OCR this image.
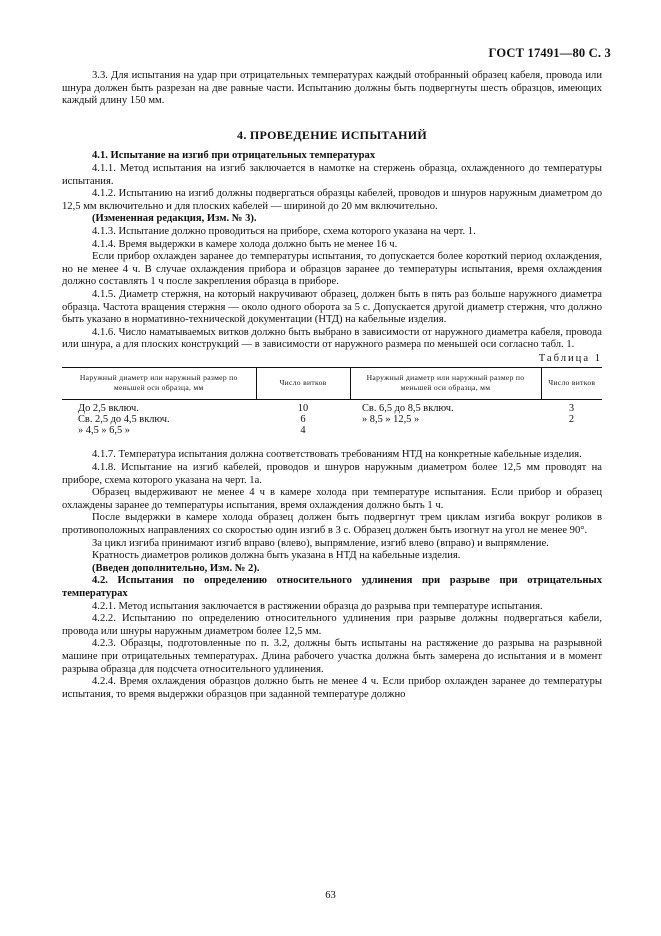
ГОСТ 17491—80 С. 3

3.3. Для испытания на удар при отрицательных температурах каждый отобранный образец кабеля, провода или шнура должен быть разрезан на две равные части. Испытанию должны быть подвергнуты шесть образцов, имеющих каждый длину 150 мм.

4. ПРОВЕДЕНИЕ ИСПЫТАНИЙ

4.1. Испытание на изгиб при отрицательных температурах

4.1.1. Метод испытания на изгиб заключается в намотке на стержень образца, охлажденного до температуры испытания.

4.1.2. Испытанию на изгиб должны подвергаться образцы кабелей, проводов и шнуров наружным диаметром до 12,5 мм включительно и для плоских кабелей — шириной до 20 мм включительно.

(Измененная редакция, Изм. № 3).

4.1.3. Испытание должно проводиться на приборе, схема которого указана на черт. 1.

4.1.4. Время выдержки в камере холода должно быть не менее 16 ч.

Если прибор охлажден заранее до температуры испытания, то допускается более короткий период охлаждения, но не менее 4 ч. В случае охлаждения прибора и образцов заранее до температуры испытания, время охлаждения должно составлять 1 ч после закрепления образца в приборе.

4.1.5. Диаметр стержня, на который накручивают образец, должен быть в пять раз больше наружного диаметра образца. Частота вращения стержня — около одного оборота за 5 с. Допускается другой диаметр стержня, что должно быть указано в нормативно-технической документации (НТД) на кабельные изделия.

4.1.6. Число наматываемых витков должно быть выбрано в зависимости от наружного диаметра кабеля, провода или шнура, а для плоских конструкций — в зависимости от наружного размера по меньшей оси согласно табл. 1.

Таблица 1

Наружный диаметр или наружный размер по меньшей оси образца, мм	Число витков	Наружный диаметр или наружный размер по меньшей оси образца, мм	Число витков
До 2,5 включ.	10	Св. 6,5 до 8,5 включ.	3
Св. 2,5 до 4,5 включ.	6	» 8,5 » 12,5 »	2
» 4,5 » 6,5 »	4		

4.1.7. Температура испытания должна соответствовать требованиям НТД на конкретные кабельные изделия.

4.1.8. Испытание на изгиб кабелей, проводов и шнуров наружным диаметром более 12,5 мм проводят на приборе, схема которого указана на черт. 1а.

Образец выдерживают не менее 4 ч в камере холода при температуре испытания. Если прибор и образец охлаждены заранее до температуры испытания, время охлаждения должно быть 1 ч.

После выдержки в камере холода образец должен быть подвергнут трем циклам изгиба вокруг роликов в противоположных направлениях со скоростью один изгиб в 3 с. Образец должен быть изогнут на угол не менее 90°.

За цикл изгиба принимают изгиб вправо (влево), выпрямление, изгиб влево (вправо) и выпрямление.

Кратность диаметров роликов должна быть указана в НТД на кабельные изделия.

(Введен дополнительно, Изм. № 2).

4.2. Испытания по определению относительного удлинения при разрыве при отрицательных температурах

4.2.1. Метод испытания заключается в растяжении образца до разрыва при температуре испытания.

4.2.2. Испытанию по определению относительного удлинения при разрыве должны подвергаться кабели, провода или шнуры наружным диаметром более 12,5 мм.

4.2.3. Образцы, подготовленные по п. 3.2, должны быть испытаны на растяжение до разрыва на разрывной машине при отрицательных температурах. Длина рабочего участка должна быть замерена до испытания и в момент разрыва образца для подсчета относительного удлинения.

4.2.4. Время охлаждения образцов должно быть не менее 4 ч. Если прибор охлажден заранее до температуры испытания, то время выдержки образцов при заданной температуре должно

63
